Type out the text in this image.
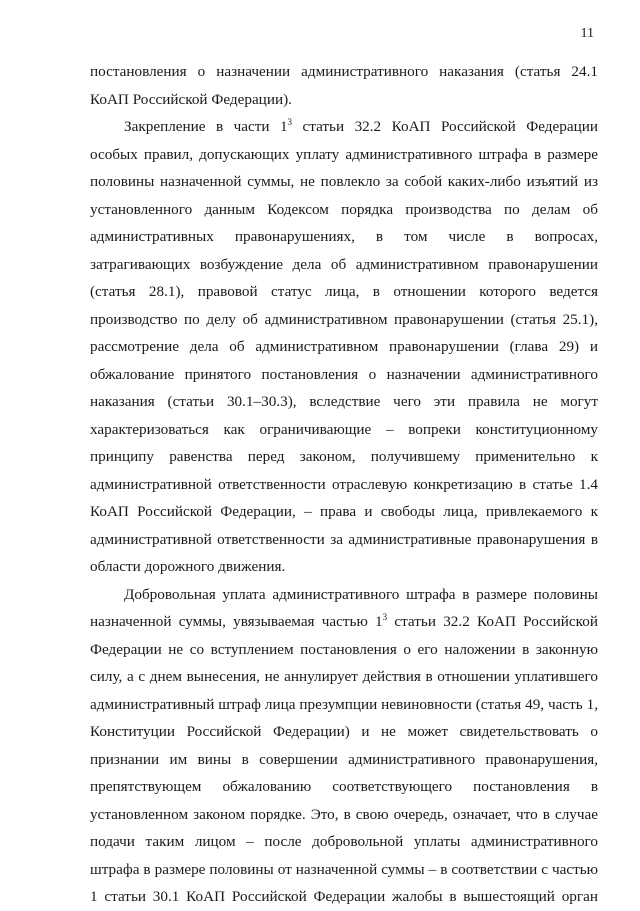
11
постановления о назначении административного наказания (статья 24.1
КоАП Российской Федерации).
Закрепление в части $1^3$ статьи 32.2 КоАП Российской Федерации
особых правил, допускающих уплату административного штрафа в размере
половины назначенной суммы, не повлекло за собой каких-либо изъятий из
установленного данным Кодексом порядка производства по делам об
административных правонарушениях, в том числе в вопросах,
затрагивающих возбуждение дела об административном правонарушении
(статья 28.1), правовой статус лица, в отношении которого ведется
производство по делу об административном правонарушении (статья 25.1),
рассмотрение дела об административном правонарушении (глава 29) и
обжалование принятого постановления о назначении административного
наказания (статьи 30.1–30.3), вследствие чего эти правила не могут
характеризоваться как ограничивающие – вопреки конституционному
принципу равенства перед законом, получившему применительно к
административной ответственности отраслевую конкретизацию в статье 1.4
КоАП Российской Федерации, – права и свободы лица, привлекаемого к
административной ответственности за административные правонарушения в
области дорожного движения.
Добровольная уплата административного штрафа в размере половины
назначенной суммы, увязываемая частью $1^3$ статьи 32.2 КоАП Российской
Федерации не со вступлением постановления о его наложении в законную
силу, а с днем вынесения, не аннулирует действия в отношении уплатившего
административный штраф лица презумпции невиновности (статья 49, часть 1,
Конституции Российской Федерации) и не может свидетельствовать о
признании им вины в совершении административного правонарушения,
препятствующем обжалованию соответствующего постановления в
установленном законом порядке. Это, в свою очередь, означает, что в случае
подачи таким лицом – после добровольной уплаты административного
штрафа в размере половины от назначенной суммы – в соответствии с частью
1 статьи 30.1 КоАП Российской Федерации жалобы в вышестоящий орган
